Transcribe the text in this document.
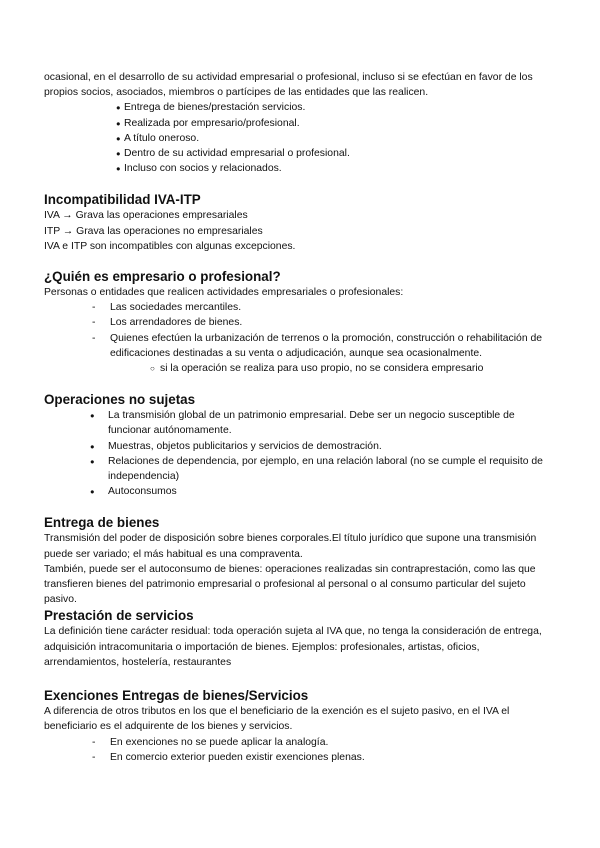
ocasional, en el desarrollo de su actividad empresarial o profesional, incluso si se efectúan en favor de los propios socios, asociados, miembros o partícipes de las entidades que las realicen.

● Entrega de bienes/prestación servicios.
● Realizada por empresario/profesional.
● A título oneroso.
● Dentro de su actividad empresarial o profesional.
● Incluso con socios y relacionados.
Incompatibilidad IVA-ITP

IVA → Grava las operaciones empresariales

ITP → Grava las operaciones no empresariales

IVA e ITP son incompatibles con algunas excepciones.

¿Quién es empresario o profesional?

Personas o entidades que realicen actividades empresariales o profesionales:

- Las sociedades mercantiles.
- Los arrendadores de bienes.
- Quienes efectúen la urbanización de terrenos o la promoción, construcción o rehabilitación de edificaciones destinadas a su venta o adjudicación, aunque sea ocasionalmente.
○ si la operación se realiza para uso propio, no se considera empresario
Operaciones no sujetas
● La transmisión global de un patrimonio empresarial. Debe ser un negocio susceptible de funcionar autónomamente.
● Muestras, objetos publicitarios y servicios de demostración.
● Relaciones de dependencia, por ejemplo, en una relación laboral (no se cumple el requisito de independencia)
● Autoconsumos
Entrega de bienes

Transmisión del poder de disposición sobre bienes corporales.El título jurídico que supone una transmisión puede ser variado; el más habitual es una compraventa.

También, puede ser el autoconsumo de bienes: operaciones realizadas sin contraprestación, como las que transfieren bienes del patrimonio empresarial o profesional al personal o al consumo particular del sujeto pasivo.

Prestación de servicios

La definición tiene carácter residual: toda operación sujeta al IVA que, no tenga la consideración de entrega, adquisición intracomunitaria o importación de bienes. Ejemplos: profesionales, artistas, oficios, arrendamientos, hostelería, restaurantes

Exenciones Entregas de bienes/Servicios

A diferencia de otros tributos en los que el beneficiario de la exención es el sujeto pasivo, en el IVA el beneficiario es el adquirente de los bienes y servicios.

- En exenciones no se puede aplicar la analogía.
- En comercio exterior pueden existir exenciones plenas.
